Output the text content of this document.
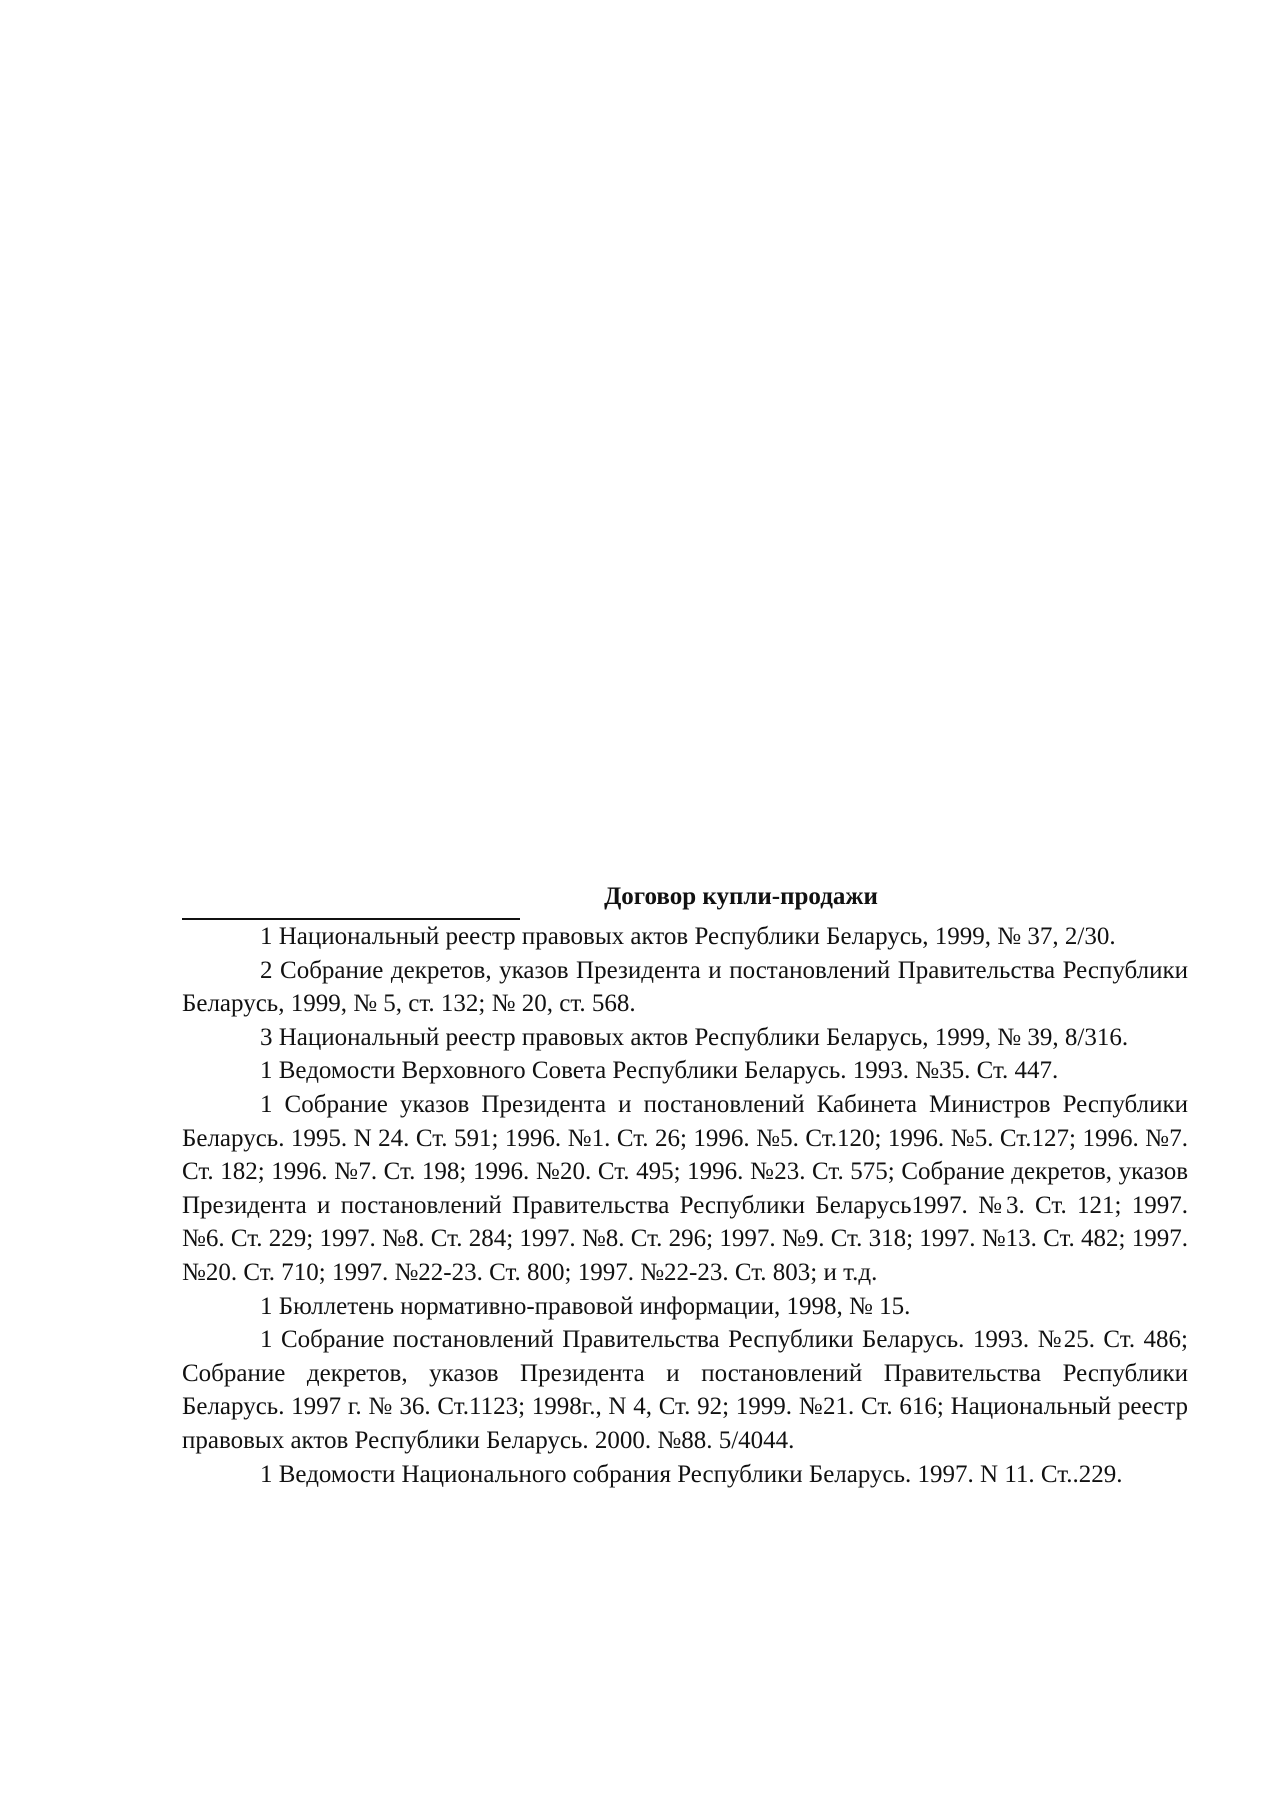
Договор купли-продажи

1 Национальный реестр правовых актов Республики Беларусь, 1999, № 37, 2/30.

2 Собрание декретов, указов Президента и постановлений Правительства Республики Беларусь, 1999, № 5, ст. 132; № 20, ст. 568.

3 Национальный реестр правовых актов Республики Беларусь, 1999, № 39, 8/316.

1 Ведомости Верховного Совета Республики Беларусь. 1993. №35. Ст. 447.

1 Собрание указов Президента и постановлений Кабинета Министров Республики Беларусь. 1995. N 24. Ст. 591; 1996. №1. Ст. 26; 1996. №5. Ст.120; 1996. №5. Ст.127; 1996. №7. Ст. 182; 1996. №7. Ст. 198; 1996. №20. Ст. 495; 1996. №23. Ст. 575; Собрание декретов, указов Президента и постановлений Правительства Республики Беларусь1997. №3. Ст. 121; 1997. №6. Ст. 229; 1997. №8. Ст. 284; 1997. №8. Ст. 296; 1997. №9. Ст. 318; 1997. №13. Ст. 482; 1997. №20. Ст. 710; 1997. №22-23. Ст. 800; 1997. №22-23. Ст. 803; и т.д.

1 Бюллетень нормативно-правовой информации, 1998, № 15.

1 Собрание постановлений Правительства Республики Беларусь. 1993. №25. Ст. 486; Собрание декретов, указов Президента и постановлений Правительства Республики Беларусь. 1997 г. № 36. Ст.1123; 1998г., N 4, Ст. 92; 1999. №21. Ст. 616; Национальный реестр правовых актов Республики Беларусь. 2000. №88. 5/4044.

1 Ведомости Национального собрания Республики Беларусь. 1997. N 11. Ст..229.
